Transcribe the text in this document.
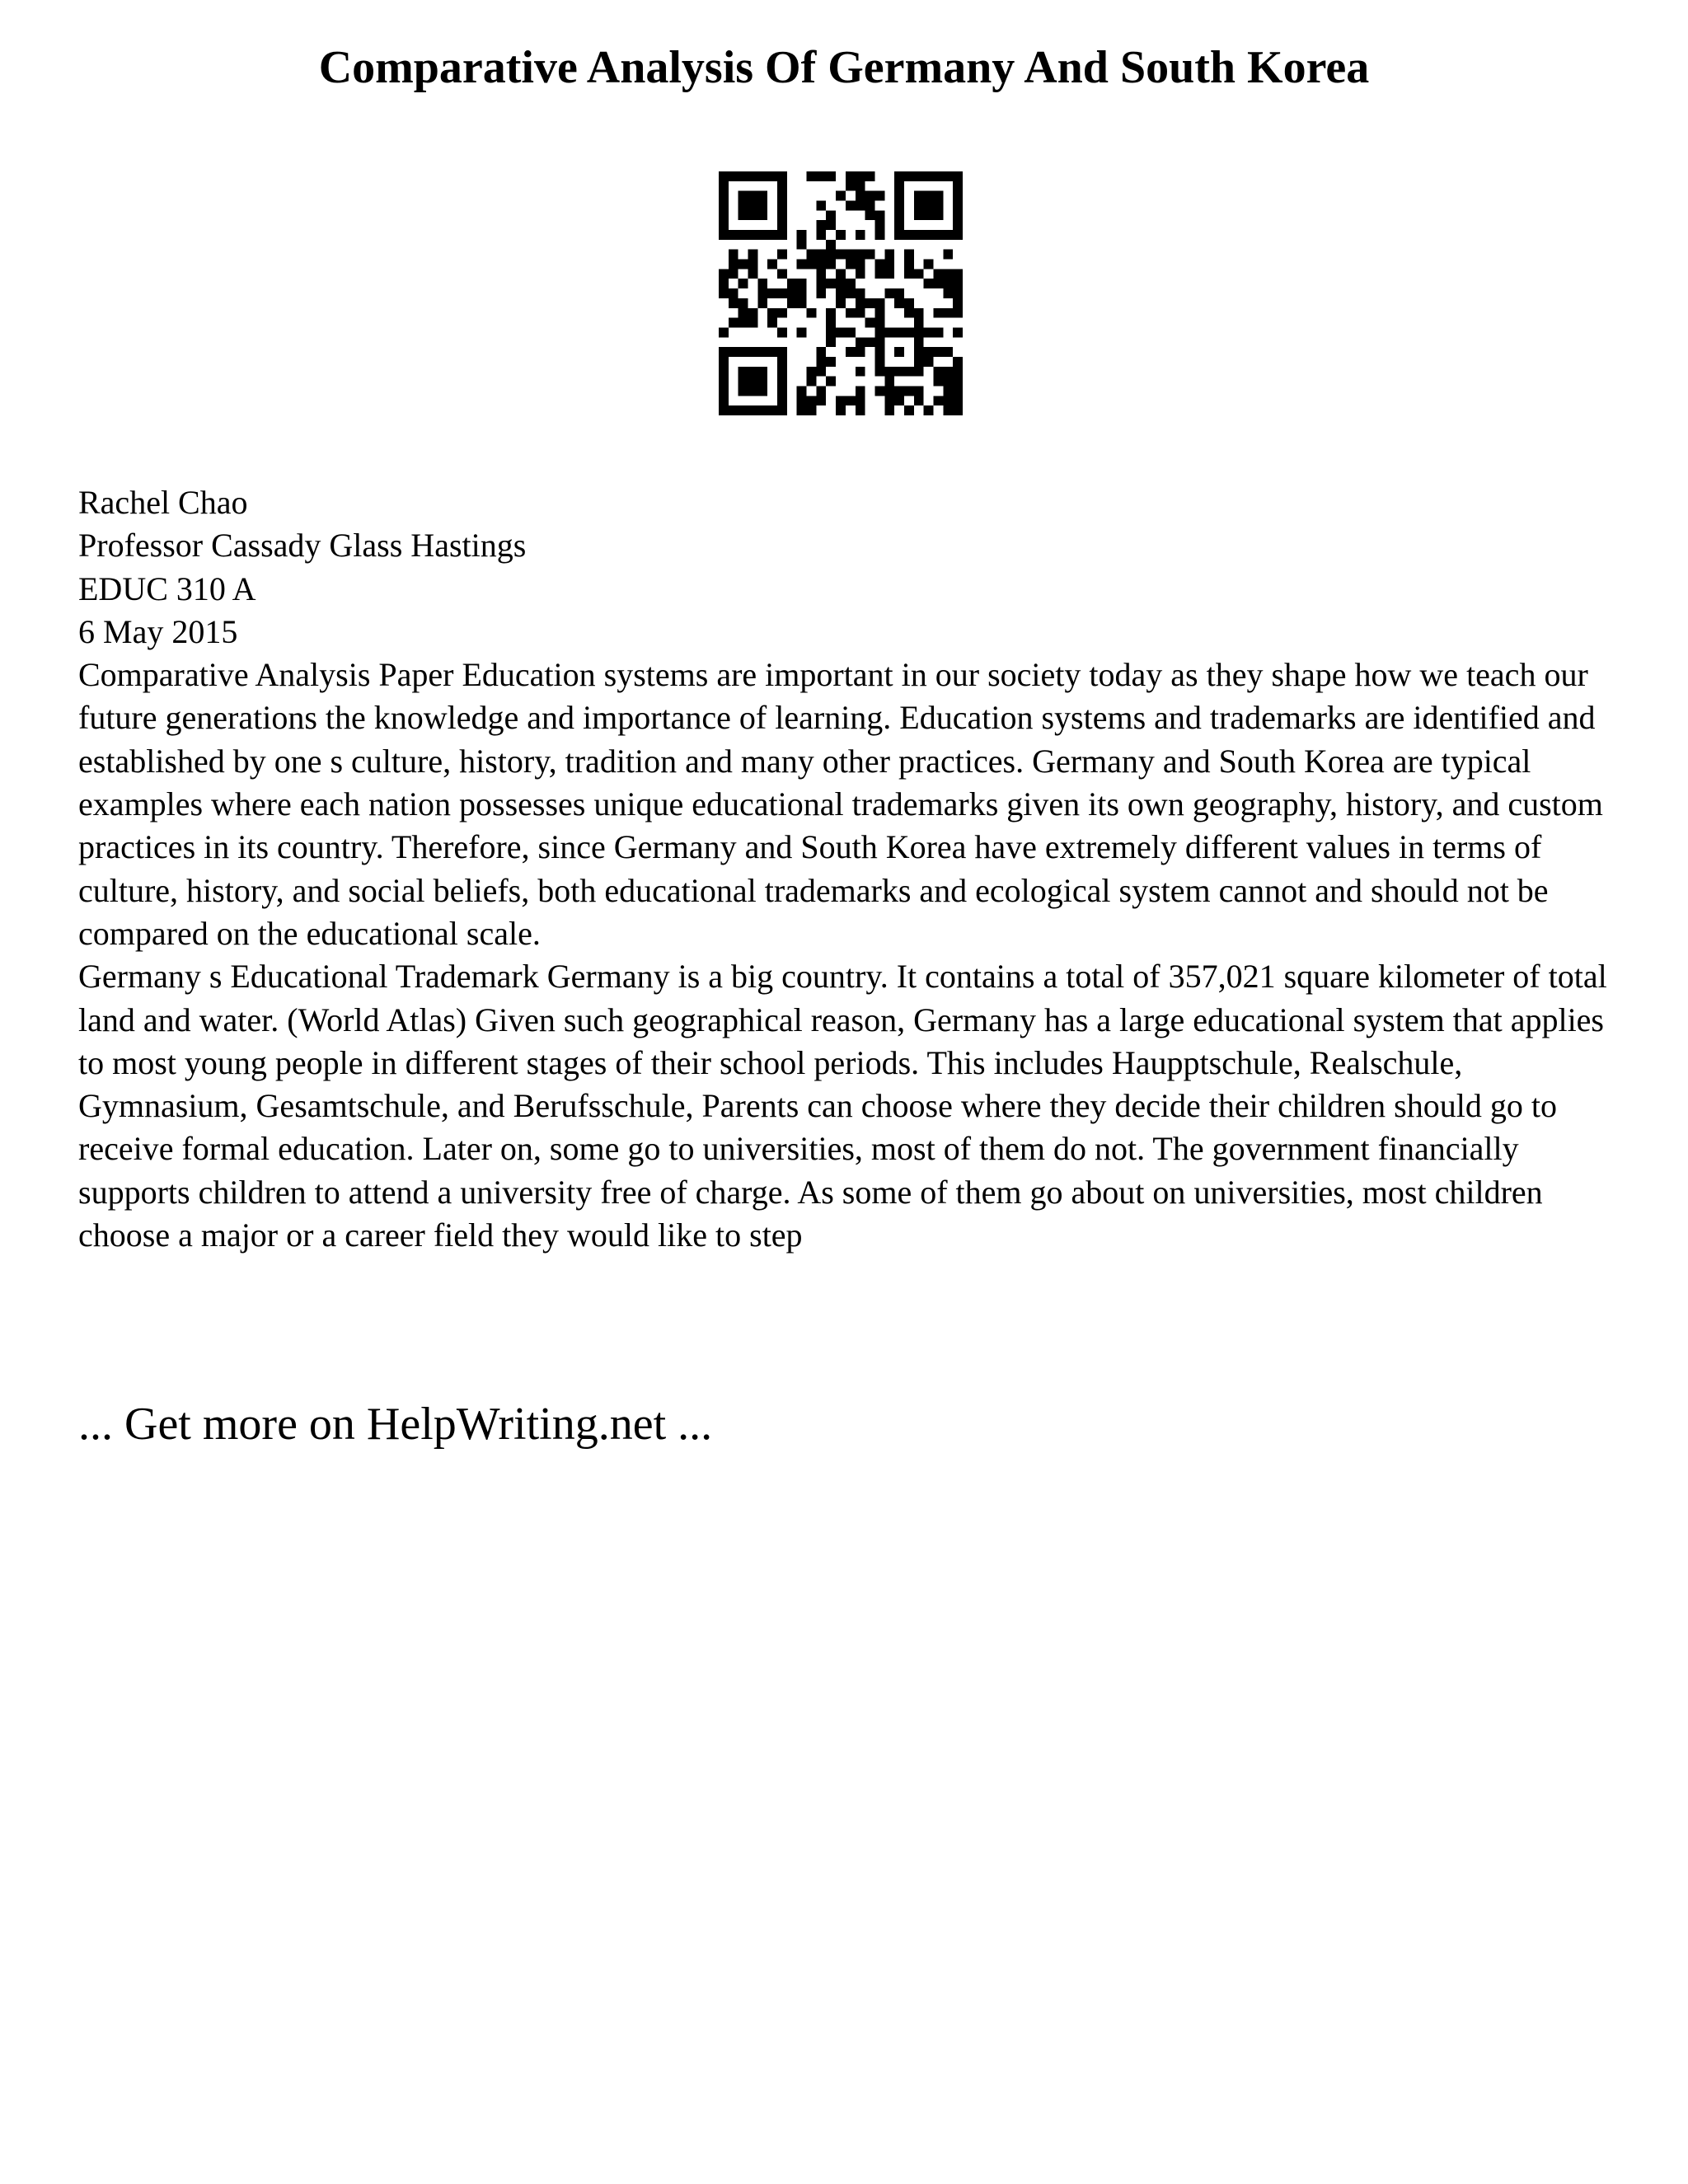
Comparative Analysis Of Germany And South Korea

Rachel Chao

Professor Cassady Glass Hastings

EDUC 310 A

6 May 2015

Comparative Analysis Paper Education systems are important in our society today as they shape how we teach our future generations the knowledge and importance of learning. Education systems and trademarks are identified and established by one s culture, history, tradition and many other practices. Germany and South Korea are typical examples where each nation possesses unique educational trademarks given its own geography, history, and custom practices in its country. Therefore, since Germany and South Korea have extremely different values in terms of culture, history, and social beliefs, both educational trademarks and ecological system cannot and should not be compared on the educational scale.

Germany s Educational Trademark Germany is a big country. It contains a total of 357,021 square kilometer of total land and water. (World Atlas) Given such geographical reason, Germany has a large educational system that applies to most young people in different stages of their school periods. This includes Haupptschule, Realschule, Gymnasium, Gesamtschule, and Berufsschule, Parents can choose where they decide their children should go to receive formal education. Later on, some go to universities, most of them do not. The government financially supports children to attend a university free of charge. As some of them go about on universities, most children choose a major or a career field they would like to step

... Get more on HelpWriting.net ...
